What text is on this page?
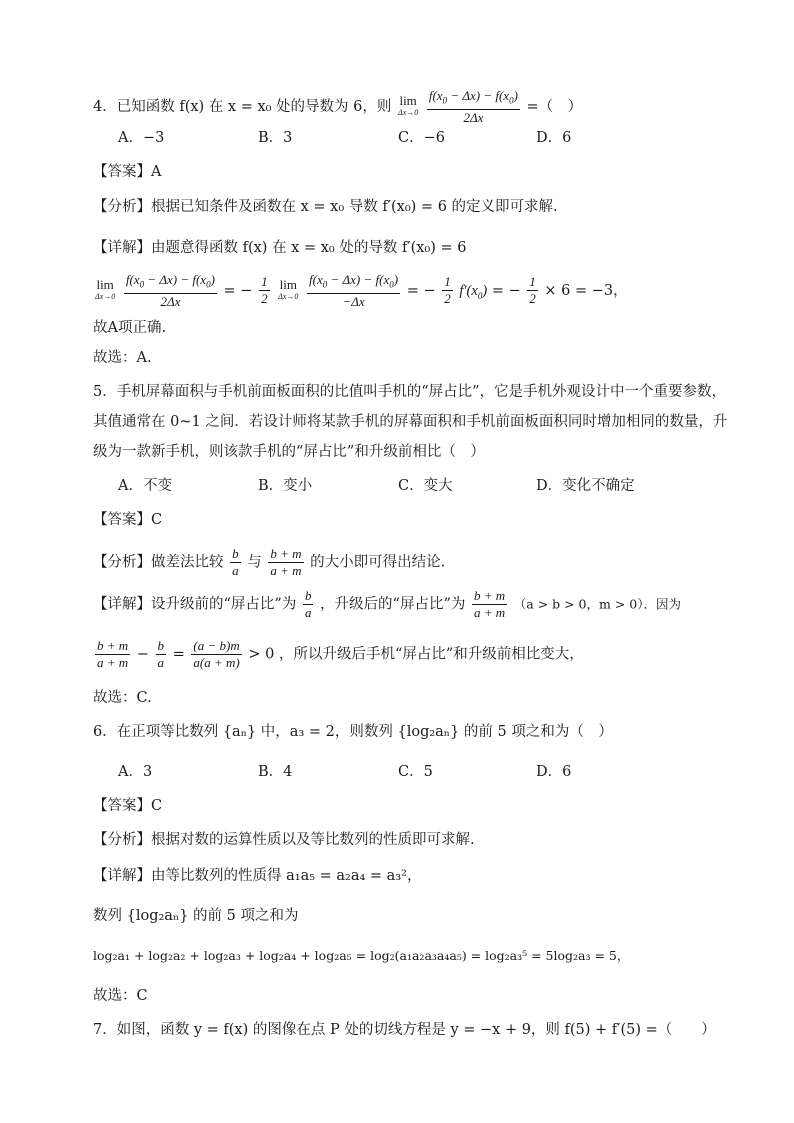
4．已知函数 f(x) 在 x = x₀ 处的导数为 6，则 lim
Δx→0
$\frac{f(x_0 - \Delta x) - f(x_0)}{2\Delta x}$ =（　）
A．−3	B．3	C．−6	D．6
【答案】A
【分析】根据已知条件及函数在 x = x₀ 导数 f′(x₀) = 6 的定义即可求解.
【详解】由题意得函数 f(x) 在 x = x₀ 处的导数 f′(x₀) = 6
lim
Δx→0
$\frac{f(x_0 - \Delta x) - f(x_0)}{2\Delta x}$ = − $\frac{1}{2}$
lim
Δx→0
$\frac{f(x_0 - \Delta x) - f(x_0)}{-\Delta x}$ = − $\frac{1}{2} f'(x_0)$ = − $\frac{1}{2} \times 6 = -3$，
故A项正确.
故选：A.
5．手机屏幕面积与手机前面板面积的比值叫手机的“屏占比”，它是手机外观设计中一个重要参数，
其值通常在 0~1 之间．若设计师将某款手机的屏幕面积和手机前面板面积同时增加相同的数量，升
级为一款新手机，则该款手机的“屏占比”和升级前相比（　）
A．不变	B．变小	C．变大	D．变化不确定
【答案】C
【分析】做差法比较 $\frac{b}{a}$ 与 $\frac{b + m}{a + m}$ 的大小即可得出结论.
【详解】设升级前的“屏占比”为 $\frac{b}{a}$ ，升级后的“屏占比”为 $\frac{b + m}{a + m} (a > b > 0$，m > 0）．因为
$\frac{b + m}{a + m} - \frac{b}{a} = \frac{(a - b)m}{a(a + m)} > 0$ ，所以升级后手机“屏占比”和升级前相比变大，
故选：C.
6．在正项等比数列 {aₙ} 中，a₃ = 2，则数列 {log₂aₙ} 的前 5 项之和为（　）
A．3	B．4	C．5	D．6
【答案】C
【分析】根据对数的运算性质以及等比数列的性质即可求解.
【详解】由等比数列的性质得 a₁a₅ = a₂a₄ = a₃²，
数列 {log₂aₙ} 的前 5 项之和为
log₂a₁ + log₂a₂ + log₂a₃ + log₂a₄ + log₂a₅ = log₂(a₁a₂a₃a₄a₅) = log₂a₃⁵ = 5log₂a₃ = 5，
故选：C
7．如图，函数 y = f(x) 的图像在点 P 处的切线方程是 y = −x + 9，则 f(5) + f′(5) =（　　）
